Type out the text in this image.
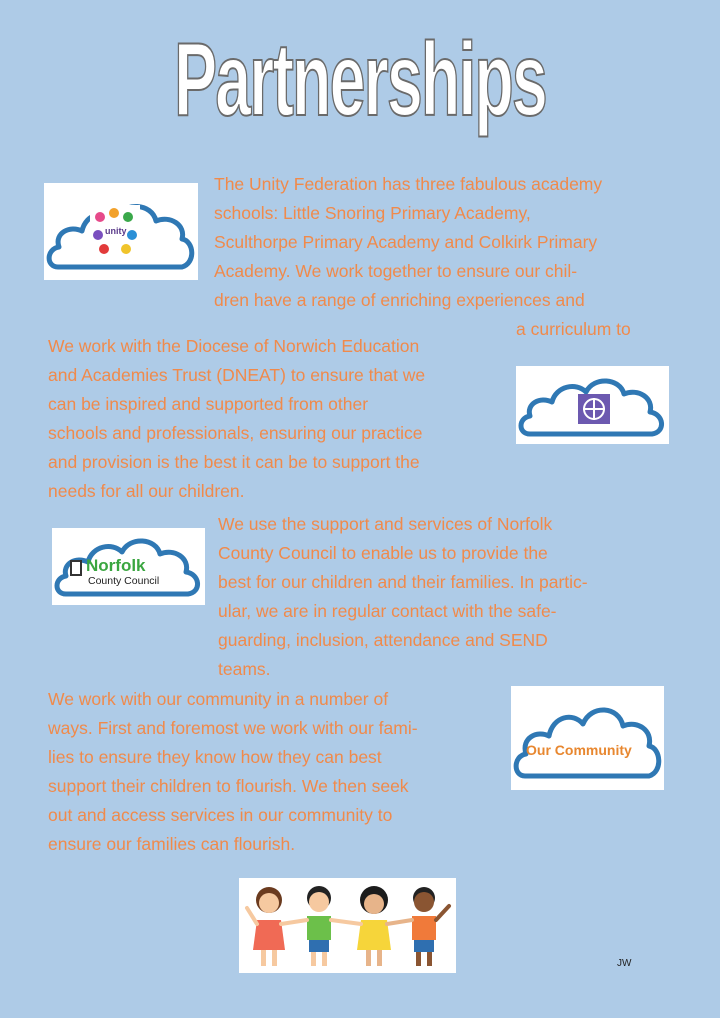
Partnerships
unity
The Unity Federation has three fabulous academy
schools: Little Snoring Primary Academy,
Sculthorpe Primary Academy and Colkirk Primary
Academy. We work together to ensure our chil-
dren have a range of enriching experiences and
a curriculum to
We work with the Diocese of Norwich Education
and Academies Trust (DNEAT) to ensure that we
can be inspired and supported from other
schools and professionals, ensuring our practice
and provision is the best it can be to support the
needs for all our children.
Norfolk
County Council
We use the support and services of Norfolk
County Council to enable us to provide the
best for our children and their families. In partic-
ular, we are in regular contact with the safe-
guarding, inclusion, attendance and SEND
teams.
We work with our community in a number of
ways. First and foremost we work with our fami-
lies to ensure they know how they can best
support their children to flourish. We then seek
out and access services in our community to
ensure our families can flourish.
Our Community
JW
